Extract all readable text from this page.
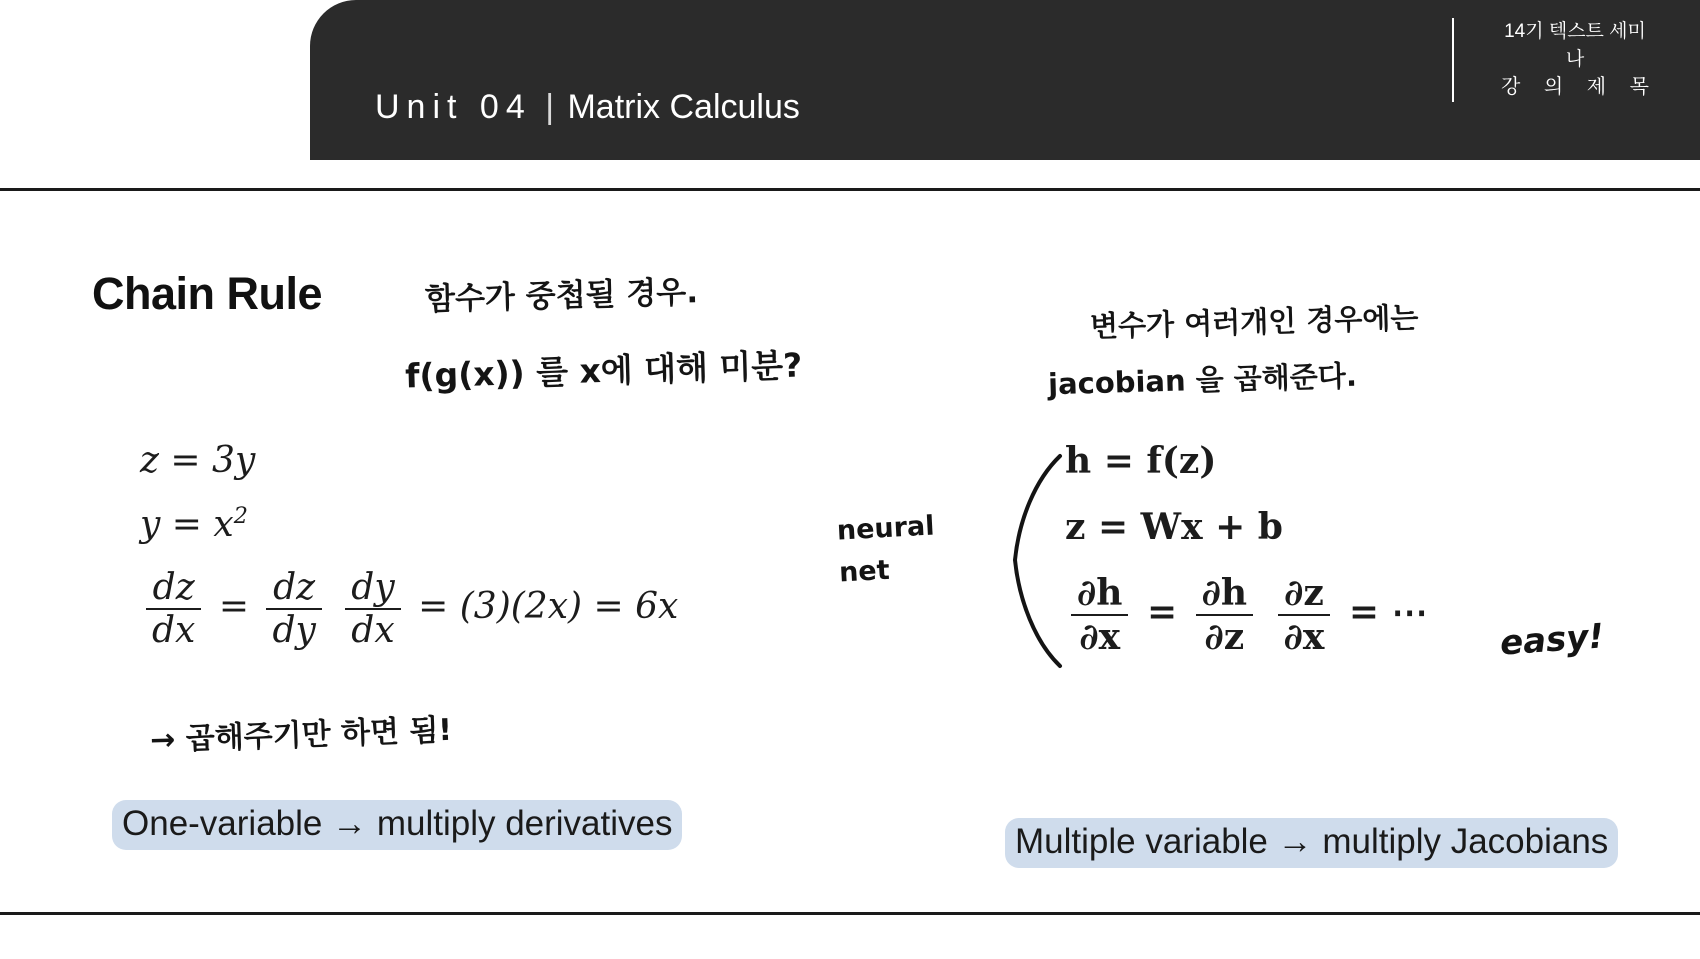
Unit 04 | Matrix Calculus
14기 텍스트 세미
나
강 의 제 목
Chain Rule	함수가 중첩될 경우.
f(g(x)) 를 x에 대해 미분?
변수가 여러개인 경우에는
jacobian 을 곱해준다.
neural
net
easy!
→ 곱해주기만 하면 됨!
z = 3y
$y = x^2$
$\frac{dz}{dx} = \frac{dz}{dy}$
$\frac{dy}{dx} = (3)(2x) = 6x$
h = f(z)
z = Wx + b
$\frac{\partial h}{\partial x} = \frac{\partial h}{\partial z}$
$\frac{\partial z}{\partial x}$ = ⋯
One-variable → multiply derivatives	Multiple variable → multiply Jacobians
